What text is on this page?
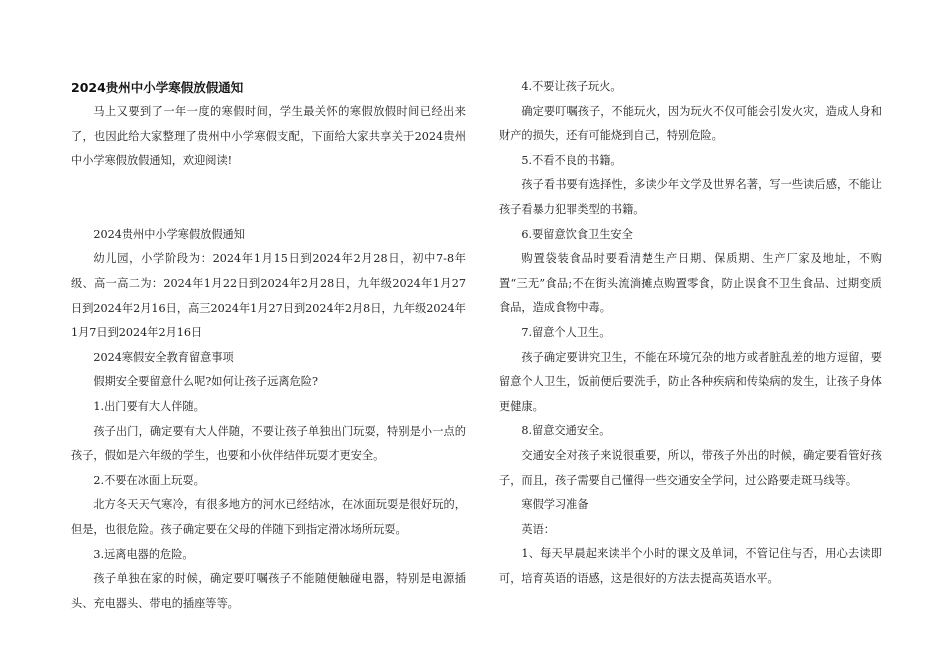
2024贵州中小学寒假放假通知

马上又要到了一年一度的寒假时间，学生最关怀的寒假放假时间已经出来了，也因此给大家整理了贵州中小学寒假支配，下面给大家共享关于2024贵州中小学寒假放假通知，欢迎阅读!

2024贵州中小学寒假放假通知

幼儿园，小学阶段为：2024年1月15日到2024年2月28日，初中7-8年级、高一高二为：2024年1月22日到2024年2月28日，九年级2024年1月27日到2024年2月16日，高三2024年1月27日到2024年2月8日，九年级2024年1月7日到2024年2月16日

2024寒假安全教育留意事项

假期安全要留意什么呢?如何让孩子远离危险?

1.出门要有大人伴随。

孩子出门，确定要有大人伴随，不要让孩子单独出门玩耍，特别是小一点的孩子，假如是六年级的学生，也要和小伙伴结伴玩耍才更安全。

2.不要在冰面上玩耍。

北方冬天天气寒冷，有很多地方的河水已经结冰，在冰面玩耍是很好玩的，但是，也很危险。孩子确定要在父母的伴随下到指定滑冰场所玩耍。

3.远离电器的危险。

孩子单独在家的时候，确定要叮嘱孩子不能随便触碰电器，特别是电源插头、充电器头、带电的插座等等。

4.不要让孩子玩火。

确定要叮嘱孩子，不能玩火，因为玩火不仅可能会引发火灾，造成人身和财产的损失，还有可能烧到自己，特别危险。

5.不看不良的书籍。

孩子看书要有选择性，多读少年文学及世界名著，写一些读后感，不能让孩子看暴力犯罪类型的书籍。

6.要留意饮食卫生安全

购置袋装食品时要看清楚生产日期、保质期、生产厂家及地址，不购置“三无”食品;不在街头流淌摊点购置零食，防止误食不卫生食品、过期变质食品，造成食物中毒。

7.留意个人卫生。

孩子确定要讲究卫生，不能在环境冗杂的地方或者脏乱差的地方逗留，要留意个人卫生，饭前便后要洗手，防止各种疾病和传染病的发生，让孩子身体更健康。

8.留意交通安全。

交通安全对孩子来说很重要，所以，带孩子外出的时候，确定要看管好孩子，而且，孩子需要自己懂得一些交通安全学问，过公路要走斑马线等。

寒假学习准备

英语：

1、每天早晨起来读半个小时的课文及单词，不管记住与否，用心去读即可，培育英语的语感，这是很好的方法去提高英语水平。
